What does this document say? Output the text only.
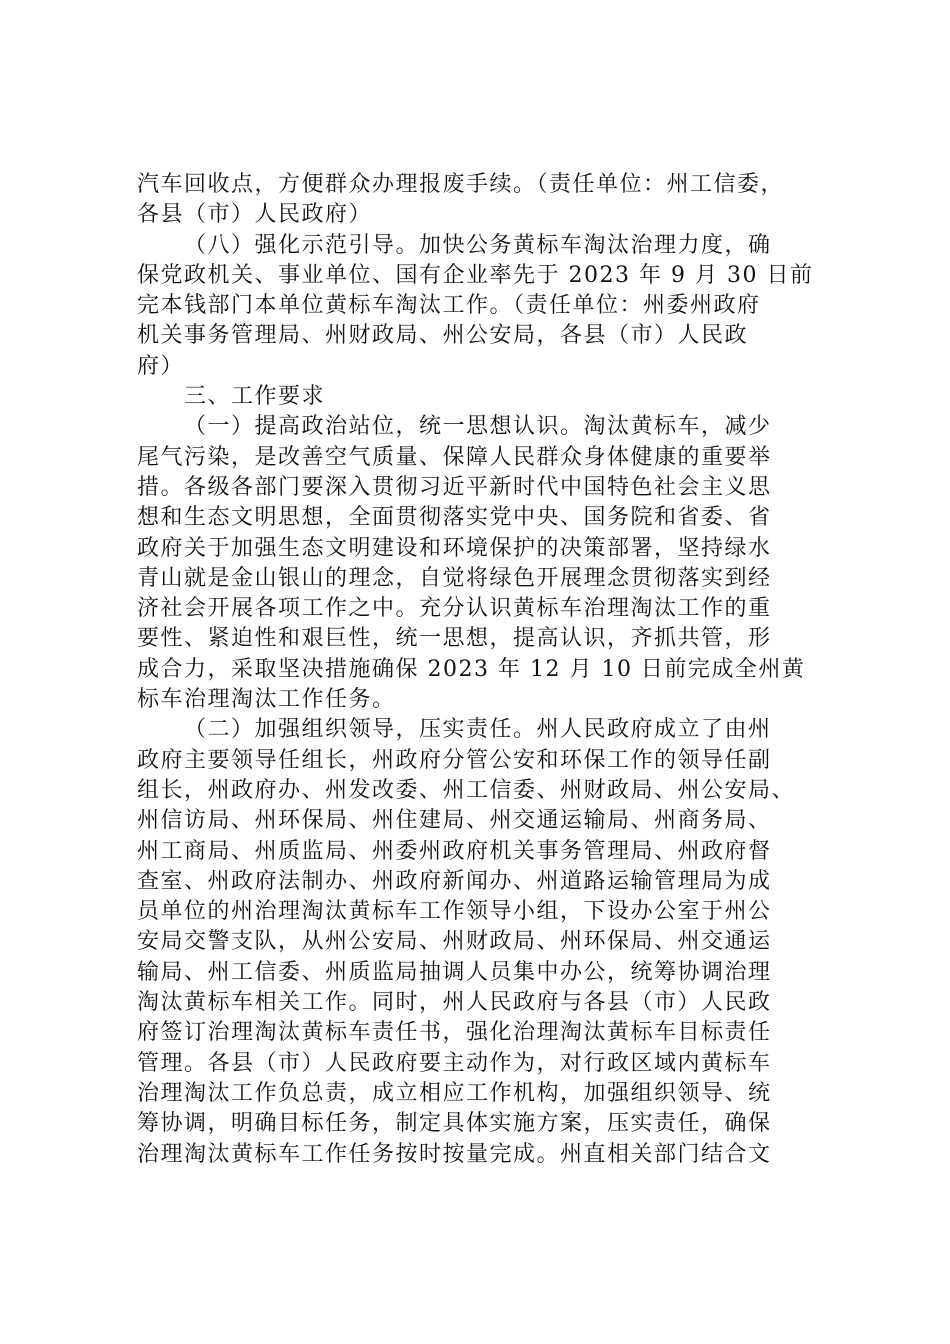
汽车回收点，方便群众办理报废手续。（责任单位：州工信委，
各县（市）人民政府）
（八）强化示范引导。加快公务黄标车淘汰治理力度，确
保党政机关、事业单位、国有企业率先于 2023 年 9 月 30 日前
完本钱部门本单位黄标车淘汰工作。（责任单位：州委州政府
机关事务管理局、州财政局、州公安局，各县（市）人民政
府）
三、工作要求
（一）提高政治站位，统一思想认识。淘汰黄标车，减少
尾气污染，是改善空气质量、保障人民群众身体健康的重要举
措。各级各部门要深入贯彻习近平新时代中国特色社会主义思
想和生态文明思想，全面贯彻落实党中央、国务院和省委、省
政府关于加强生态文明建设和环境保护的决策部署，坚持绿水
青山就是金山银山的理念，自觉将绿色开展理念贯彻落实到经
济社会开展各项工作之中。充分认识黄标车治理淘汰工作的重
要性、紧迫性和艰巨性，统一思想，提高认识，齐抓共管，形
成合力，采取坚决措施确保 2023 年 12 月 10 日前完成全州黄
标车治理淘汰工作任务。
（二）加强组织领导，压实责任。州人民政府成立了由州
政府主要领导任组长，州政府分管公安和环保工作的领导任副
组长，州政府办、州发改委、州工信委、州财政局、州公安局、
州信访局、州环保局、州住建局、州交通运输局、州商务局、
州工商局、州质监局、州委州政府机关事务管理局、州政府督
查室、州政府法制办、州政府新闻办、州道路运输管理局为成
员单位的州治理淘汰黄标车工作领导小组，下设办公室于州公
安局交警支队，从州公安局、州财政局、州环保局、州交通运
输局、州工信委、州质监局抽调人员集中办公，统筹协调治理
淘汰黄标车相关工作。同时，州人民政府与各县（市）人民政
府签订治理淘汰黄标车责任书，强化治理淘汰黄标车目标责任
管理。各县（市）人民政府要主动作为，对行政区域内黄标车
治理淘汰工作负总责，成立相应工作机构，加强组织领导、统
筹协调，明确目标任务，制定具体实施方案，压实责任，确保
治理淘汰黄标车工作任务按时按量完成。州直相关部门结合文
